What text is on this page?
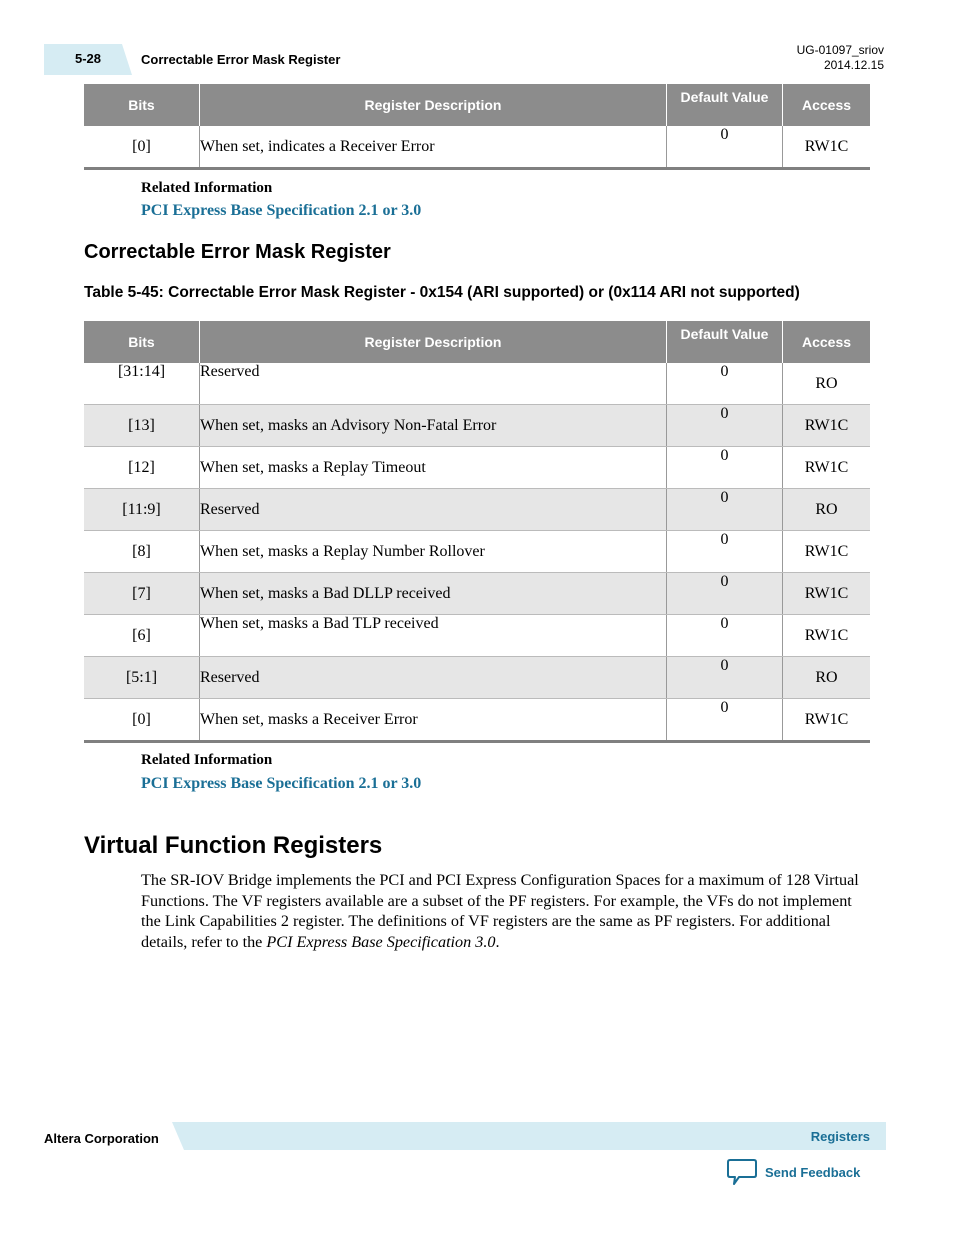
5-28	Correctable Error Mask Register
UG-01097_sriov
2014.12.15
Bits	Register Description	Default Value	Access
[0]	When set, indicates a Receiver Error	0	RW1C
Related Information
PCI Express Base Specification 2.1 or 3.0
Correctable Error Mask Register
Table 5-45: Correctable Error Mask Register - 0x154 (ARI supported) or (0x114 ARI not supported)
Bits	Register Description	Default Value	Access
[31:14]	Reserved	0	RO
[13]	When set, masks an Advisory Non-Fatal Error	0	RW1C
[12]	When set, masks a Replay Timeout	0	RW1C
[11:9]	Reserved	0	RO
[8]	When set, masks a Replay Number Rollover	0	RW1C
[7]	When set, masks a Bad DLLP received	0	RW1C
[6]	When set, masks a Bad TLP received	0	RW1C
[5:1]	Reserved	0	RO
[0]	When set, masks a Receiver Error	0	RW1C
Related Information
PCI Express Base Specification 2.1 or 3.0
Virtual Function Registers
The SR-IOV Bridge implements the PCI and PCI Express Configuration Spaces for a maximum of 128 Virtual Functions. The VF registers available are a subset of the PF registers. For example, the VFs do not implement the Link Capabilities 2 register. The definitions of VF registers are the same as PF registers. For additional details, refer to the PCI Express Base Specification 3.0.
Altera Corporation	Registers
Send Feedback
